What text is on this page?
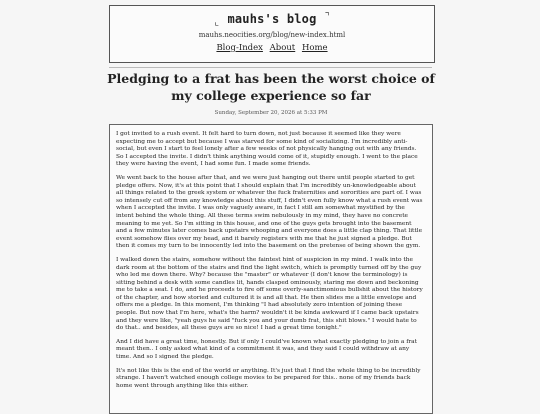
⌞ mauhs's blog ⌝
mauhs.neocities.org/blog/new-index.html
Blog-Index About Home
Pledging to a frat has been the worst choice of my college experience so far
Sunday, September 20, 2026 at 5:33 PM

I got invited to a rush event. It felt hard to turn down, not just because it seemed like they were expecting me to accept but because I was starved for some kind of socializing. I'm incredibly anti-social, but even I start to feel lonely after a few weeks of not physically hanging out with any friends. So I accepted the invite. I didn't think anything would come of it, stupidly enough. I went to the place they were having the event, I had some fun. I made some friends.

We went back to the house after that, and we were just hanging out there until people started to get pledge offers. Now, it's at this point that I should explain that I'm incredibly un-knowledgeable about all things related to the greek system or whatever the fuck fraternities and sororities are part of. I was so intensely cut off from any knowledge about this stuff, I didn't even fully know what a rush event was when I accepted the invite. I was only vaguely aware, in fact I still am somewhat mystified by the intent behind the whole thing. All these terms swim nebulously in my mind, they have no concrete meaning to me yet. So I'm sitting in this house, and one of the guys gets brought into the basement and a few minutes later comes back upstairs whooping and everyone does a little clap thing. That little event somehow flies over my head, and it barely registers with me that he just signed a pledge. But then it comes my turn to be innocently led into the basement on the pretense of being shown the gym.

I walked down the stairs, somehow without the faintest hint of suspicion in my mind. I walk into the dark room at the bottom of the stairs and find the light switch, which is promptly turned off by the guy who led me down there. Why? because the "master" or whatever (I don't know the terminology) is sitting behind a desk with some candles lit, hands clasped ominously, staring me down and beckoning me to take a seat. I do, and he proceeds to fire off some overly-sanctimonious bullshit about the history of the chapter, and how storied and cultured it is and all that. He then slides me a little envelope and offers me a pledge. In this moment, I'm thinking "I had absolutely zero intention of joining these people. But now that I'm here, what's the harm? wouldn't it be kinda awkward if I came back upstairs and they were like, "yeah guys he said "fuck you and your dumb frat, this shit blows." I would hate to do that.. and besides, all these guys are so nice! I had a great time tonight."

And I did have a great time, honestly. But if only I could've known what exactly pledging to join a frat meant then.. I only asked what kind of a commitment it was, and they said I could withdraw at any time. And so I signed the pledge.

It's not like this is the end of the world or anything. It's just that I find the whole thing to be incredibly strange. I haven't watched enough college movies to be prepared for this.. none of my friends back home went through anything like this either.
